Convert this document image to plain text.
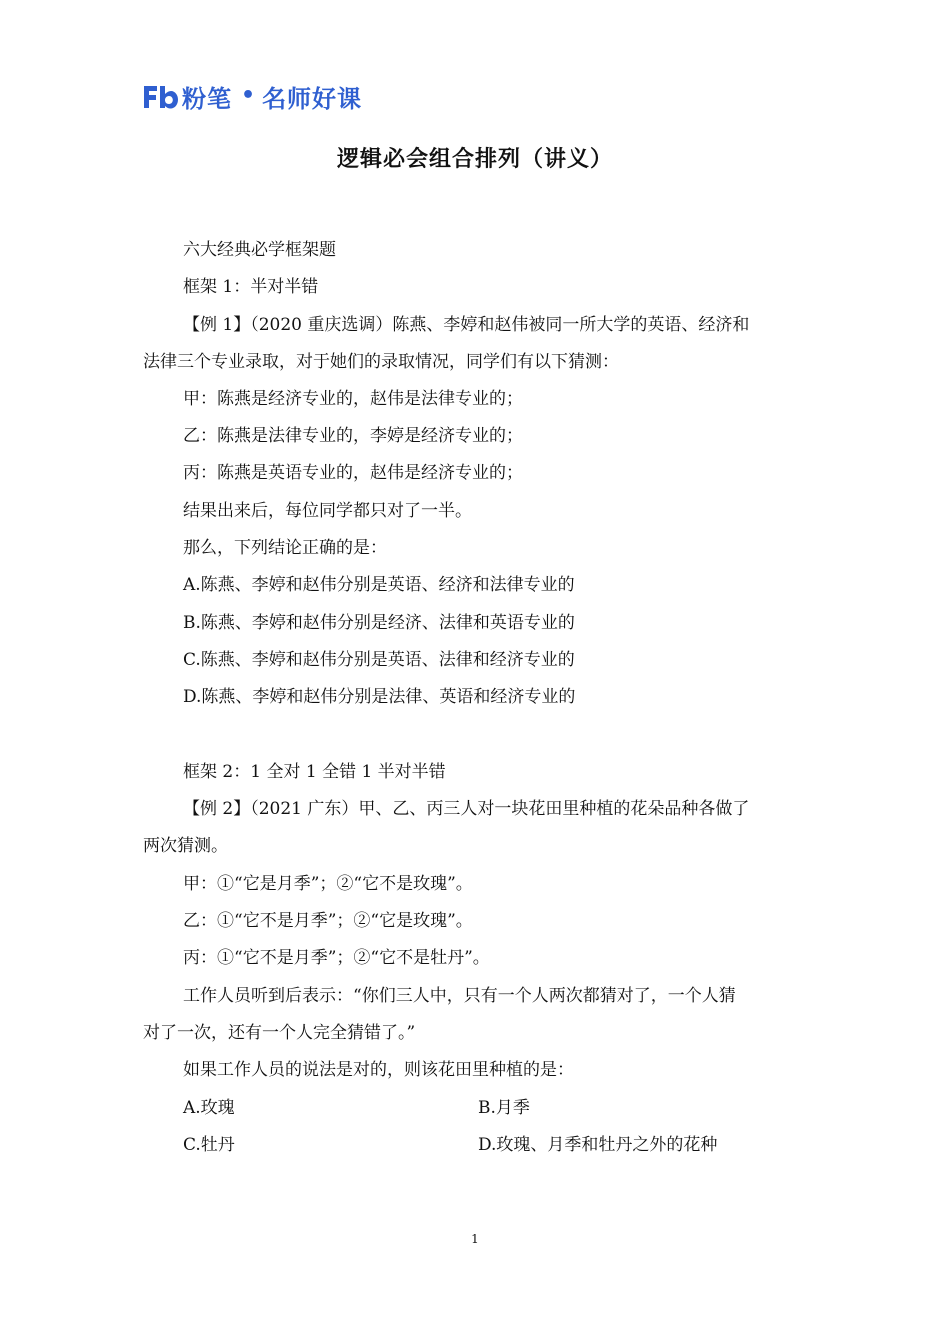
粉笔 • 名师好课
逻辑必会组合排列（讲义）
六大经典必学框架题
框架 1：半对半错
【例 1】（2020 重庆选调）陈燕、李婷和赵伟被同一所大学的英语、经济和
法律三个专业录取，对于她们的录取情况，同学们有以下猜测：
甲：陈燕是经济专业的，赵伟是法律专业的；
乙：陈燕是法律专业的，李婷是经济专业的；
丙：陈燕是英语专业的，赵伟是经济专业的；
结果出来后，每位同学都只对了一半。
那么，下列结论正确的是：
A.陈燕、李婷和赵伟分别是英语、经济和法律专业的
B.陈燕、李婷和赵伟分别是经济、法律和英语专业的
C.陈燕、李婷和赵伟分别是英语、法律和经济专业的
D.陈燕、李婷和赵伟分别是法律、英语和经济专业的
框架 2：1 全对 1 全错 1 半对半错
【例 2】（2021 广东）甲、乙、丙三人对一块花田里种植的花朵品种各做了
两次猜测。
甲：①“它是月季”；②“它不是玫瑰”。
乙：①“它不是月季”；②“它是玫瑰”。
丙：①“它不是月季”；②“它不是牡丹”。
工作人员听到后表示：“你们三人中，只有一个人两次都猜对了，一个人猜
对了一次，还有一个人完全猜错了。”
如果工作人员的说法是对的，则该花田里种植的是：
A.玫瑰	B.月季
C.牡丹	D.玫瑰、月季和牡丹之外的花种
1
